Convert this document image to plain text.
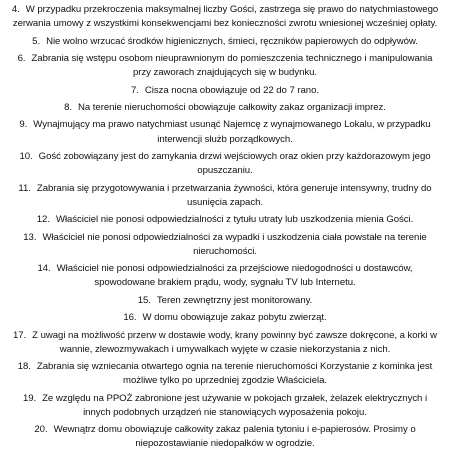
4. W przypadku przekroczenia maksymalnej liczby Gości, zastrzega się prawo do natychmiastowego zerwania umowy z wszystkimi konsekwencjami bez konieczności zwrotu wniesionej wcześniej opłaty.
5. Nie wolno wrzucać środków higienicznych, śmieci, ręczników papierowych do odpływów.
6. Zabrania się wstępu osobom nieuprawnionym do pomieszczenia technicznego i manipulowania przy zaworach znajdujących się w budynku.
7. Cisza nocna obowiązuje od 22 do 7 rano.
8. Na terenie nieruchomości obowiązuje całkowity zakaz organizacji imprez.
9. Wynajmujący ma prawo natychmiast usunąć Najemcę z wynajmowanego Lokalu, w przypadku interwencji służb porządkowych.
10. Gość zobowiązany jest do zamykania drzwi wejściowych oraz okien przy każdorazowym jego opuszczaniu.
11. Zabrania się przygotowywania i przetwarzania żywności, która generuje intensywny, trudny do usunięcia zapach.
12. Właściciel nie ponosi odpowiedzialności z tytułu utraty lub uszkodzenia mienia Gości.
13. Właściciel nie ponosi odpowiedzialności za wypadki i uszkodzenia ciała powstałe na terenie nieruchomości.
14. Właściciel nie ponosi odpowiedzialności za przejściowe niedogodności u dostawców, spowodowane brakiem prądu, wody, sygnału TV lub Internetu.
15. Teren zewnętrzny jest monitorowany.
16. W domu obowiązuje zakaz pobytu zwierząt.
17. Z uwagi na możliwość przerw w dostawie wody, krany powinny być zawsze dokręcone, a korki w wannie, zlewozmywakach i umywalkach wyjęte w czasie niekorzystania z nich.
18. Zabrania się wzniecania otwartego ognia na terenie nieruchomości Korzystanie z kominka jest możliwe tylko po uprzedniej zgodzie Właściciela.
19. Ze względu na PPOŻ zabronione jest używanie w pokojach grzałek, żelazek elektrycznych i innych podobnych urządzeń nie stanowiących wyposażenia pokoju.
20. Wewnątrz domu obowiązuje całkowity zakaz palenia tytoniu i e-papierosów. Prosimy o niepozostawianie niedopałków w ogrodzie.
